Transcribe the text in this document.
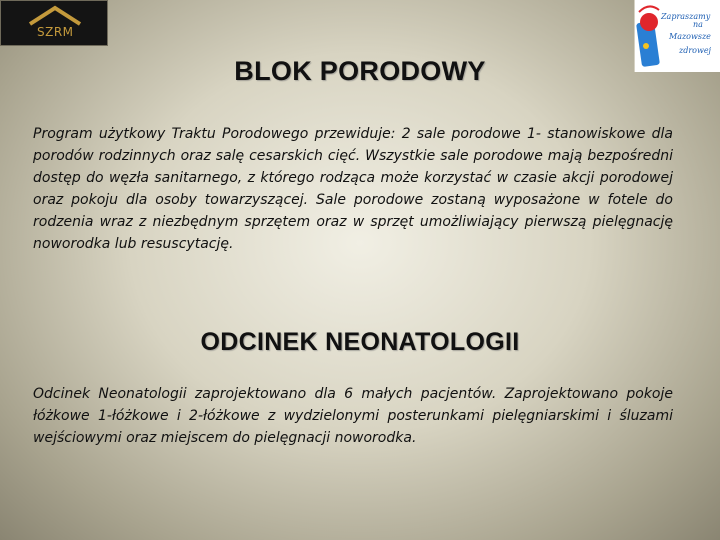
SZRM
Zapraszamy
na
Mazowsze
zdrowej
BLOK PORODOWY

Program użytkowy Traktu Porodowego przewiduje: 2 sale porodowe 1- stanowiskowe dla porodów rodzinnych oraz salę cesarskich cięć. Wszystkie sale porodowe mają bezpośredni dostęp do węzła sanitarnego, z którego rodząca może korzystać w czasie akcji porodowej oraz pokoju dla osoby towarzyszącej. Sale porodowe zostaną wyposażone w fotele do rodzenia wraz z niezbędnym sprzętem oraz w sprzęt umożliwiający pierwszą pielęgnację noworodka lub resuscytację.

ODCINEK NEONATOLOGII

Odcinek Neonatologii zaprojektowano dla 6 małych pacjentów. Zaprojektowano pokoje łóżkowe 1-łóżkowe i 2-łóżkowe z wydzielonymi posterunkami pielęgniarskimi i śluzami wejściowymi oraz miejscem do pielęgnacji noworodka.
